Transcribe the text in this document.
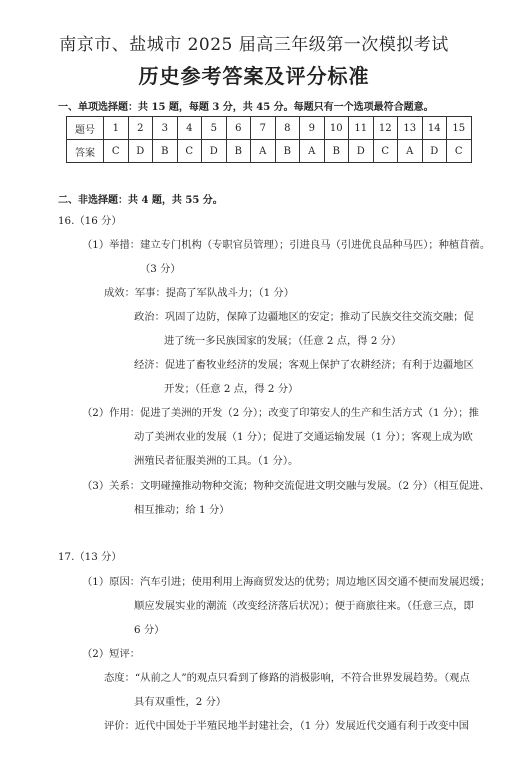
南京市、盐城市 2025 届高三年级第一次模拟考试
历史参考答案及评分标准
一、单项选择题：共 15 题，每题 3 分，共 45 分。每题只有一个选项最符合题意。
题号	1	2	3	4	5	6	7	8	9	10	11	12	13	14	15
答案	C	D	B	C	D	B	A	B	A	B	D	C	A	D	C
二、非选择题：共 4 题，共 55 分。
16.（16 分）
（1）举措：建立专门机构（专职官员管理）；引进良马（引进优良品种马匹）；种植苜蓿。
（3 分）
成效：军事：提高了军队战斗力；（1 分）
政治：巩固了边防，保障了边疆地区的安定；推动了民族交往交流交融；促
进了统一多民族国家的发展；（任意 2 点，得 2 分）
经济：促进了畜牧业经济的发展；客观上保护了农耕经济；有利于边疆地区
开发；（任意 2 点，得 2 分）
（2）作用：促进了美洲的开发（2 分）；改变了印第安人的生产和生活方式（1 分）；推
动了美洲农业的发展（1 分）；促进了交通运输发展（1 分）；客观上成为欧
洲殖民者征服美洲的工具。（1 分）。
（3）关系：文明碰撞推动物种交流；物种交流促进文明交融与发展。（2 分）（相互促进、
相互推动；给 1 分）
17.（13 分）
（1）原因：汽车引进；使用利用上海商贸发达的优势；周边地区因交通不便而发展迟缓；
顺应发展实业的潮流（改变经济落后状况）；便于商旅往来。（任意三点，即
6 分）
（2）短评：
态度：“从前之人”的观点只看到了修路的消极影响，不符合世界发展趋势。（观点
具有双重性，2 分）
评价：近代中国处于半殖民地半封建社会，（1 分）发展近代交通有利于改变中国
